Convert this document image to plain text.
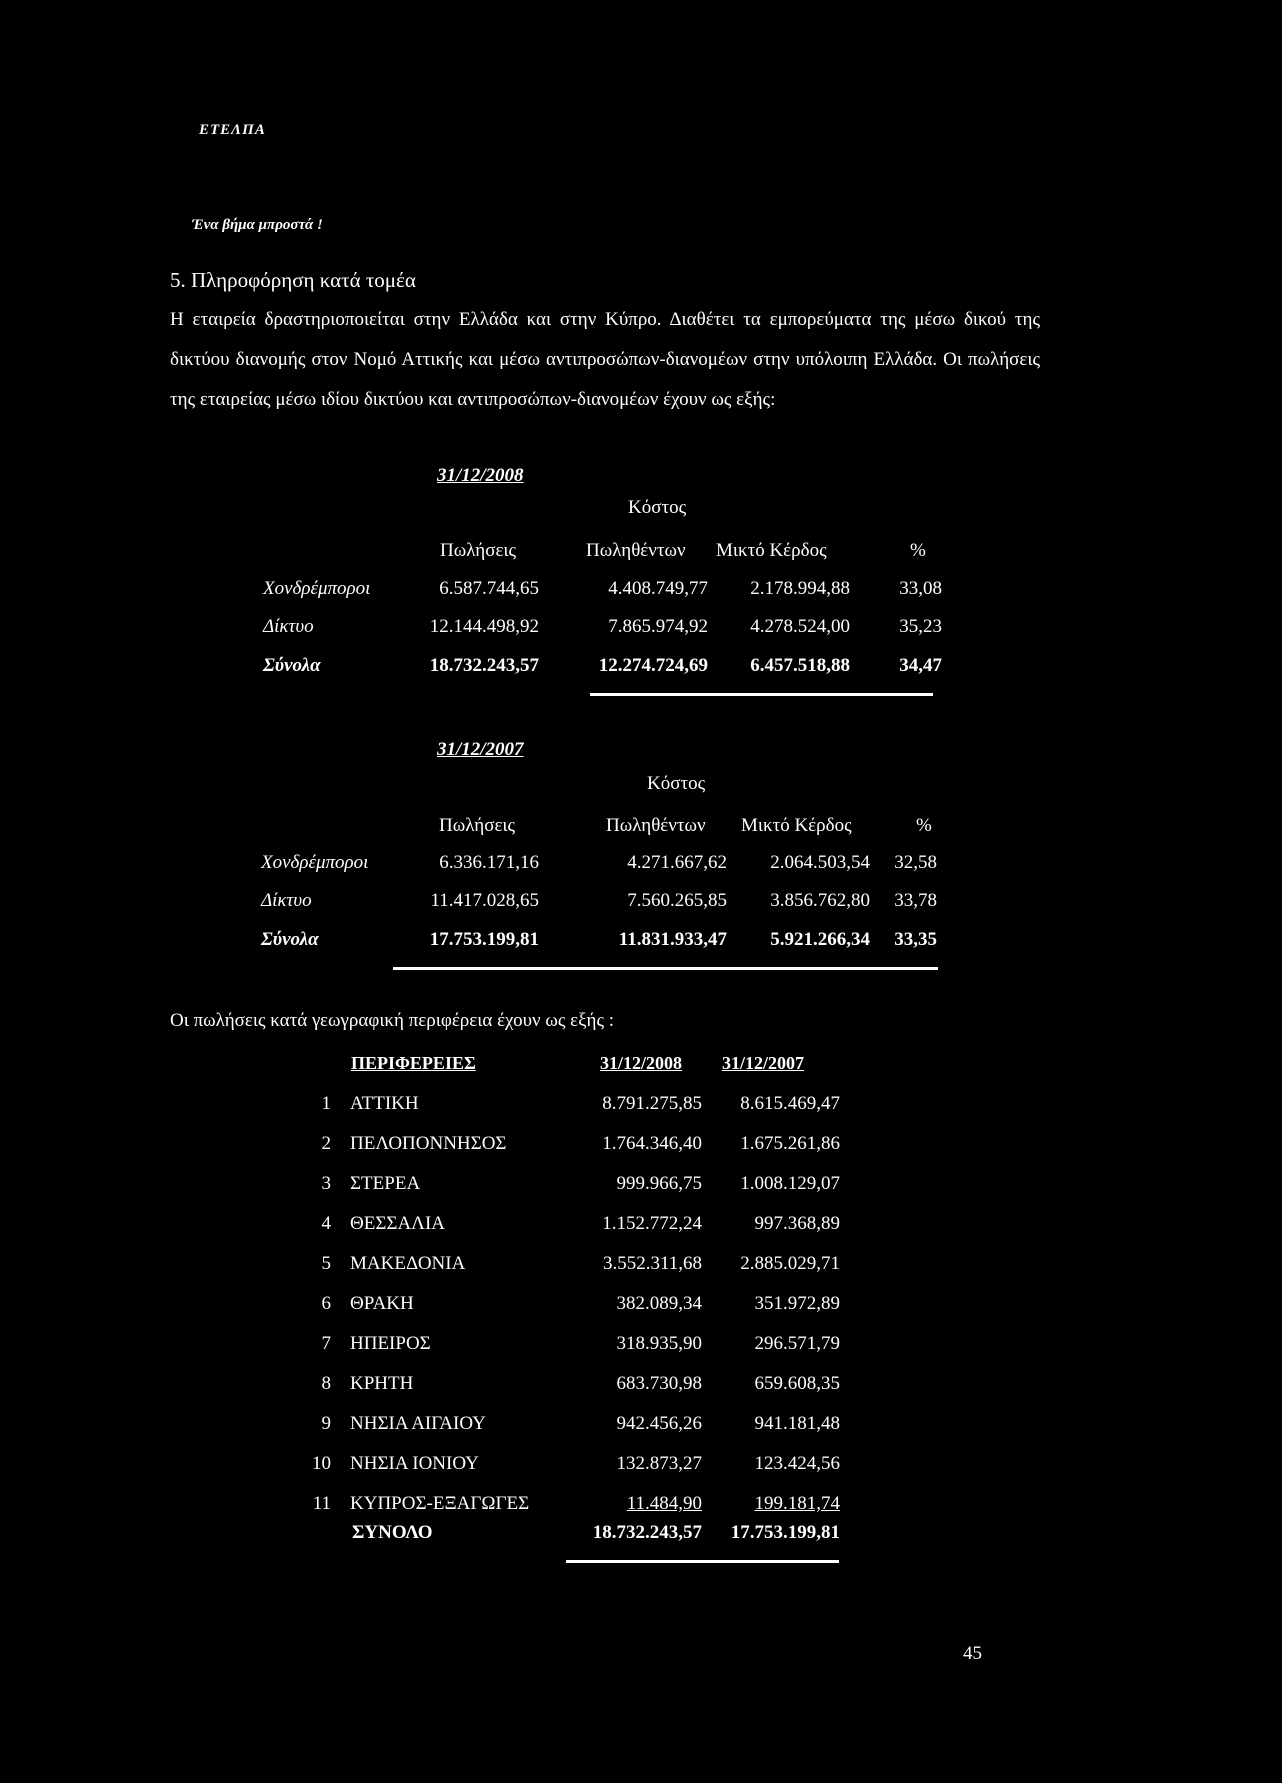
ΕΤΕΛΠΑ
Ένα βήμα μπροστά !
5. Πληροφόρηση κατά τομέα
Η εταιρεία δραστηριοποιείται στην Ελλάδα και στην Κύπρο. Διαθέτει τα εμπορεύματα της μέσω δικού της δικτύου διανομής στον Νομό Αττικής και μέσω αντιπροσώπων-διανομέων στην υπόλοιπη Ελλάδα. Οι πωλήσεις της εταιρείας μέσω ιδίου δικτύου και αντιπροσώπων-διανομέων έχουν ως εξής:
31/12/2008
Κόστος
Πωλήσεις	Πωληθέντων Μικτό Κέρδος	%
Χονδρέμποροι	6.587.744,65	4.408.749,77 2.178.994,88	33,08
Δίκτυο	12.144.498,92	7.865.974,92 4.278.524,00	35,23
Σύνολα	18.732.243,57	12.274.724,69 6.457.518,88	34,47
31/12/2007
Κόστος
Πωλήσεις	Πωληθέντων Μικτό Κέρδος	%
Χονδρέμποροι	6.336.171,16	4.271.667,62 2.064.503,54 32,58
Δίκτυο	11.417.028,65	7.560.265,85 3.856.762,80 33,78
Σύνολα	17.753.199,81	11.831.933,47 5.921.266,34 33,35
Οι πωλήσεις κατά γεωγραφική περιφέρεια έχουν ως εξής :
ΠΕΡΙΦΕΡΕΙΕΣ	31/12/2008 31/12/2007
1 ΑΤΤΙΚΗ	8.791.275,85 8.615.469,47
2 ΠΕΛΟΠΟΝΝΗΣΟΣ	1.764.346,40 1.675.261,86
3 ΣΤΕΡΕΑ	999.966,75 1.008.129,07
4 ΘΕΣΣΑΛΙΑ	1.152.772,24	997.368,89
5 ΜΑΚΕΔΟΝΙΑ	3.552.311,68 2.885.029,71
6 ΘΡΑΚΗ	382.089,34	351.972,89
7 ΗΠΕΙΡΟΣ	318.935,90	296.571,79
8 ΚΡΗΤΗ	683.730,98	659.608,35
9 ΝΗΣΙΑ ΑΙΓΑΙΟΥ	942.456,26	941.181,48
10 ΝΗΣΙΑ ΙΟΝΙΟΥ	132.873,27	123.424,56
11 ΚΥΠΡΟΣ-ΕΞΑΓΩΓΕΣ	11.484,90	199.181,74
ΣΥΝΟΛΟ	18.732.243,57 17.753.199,81
45
